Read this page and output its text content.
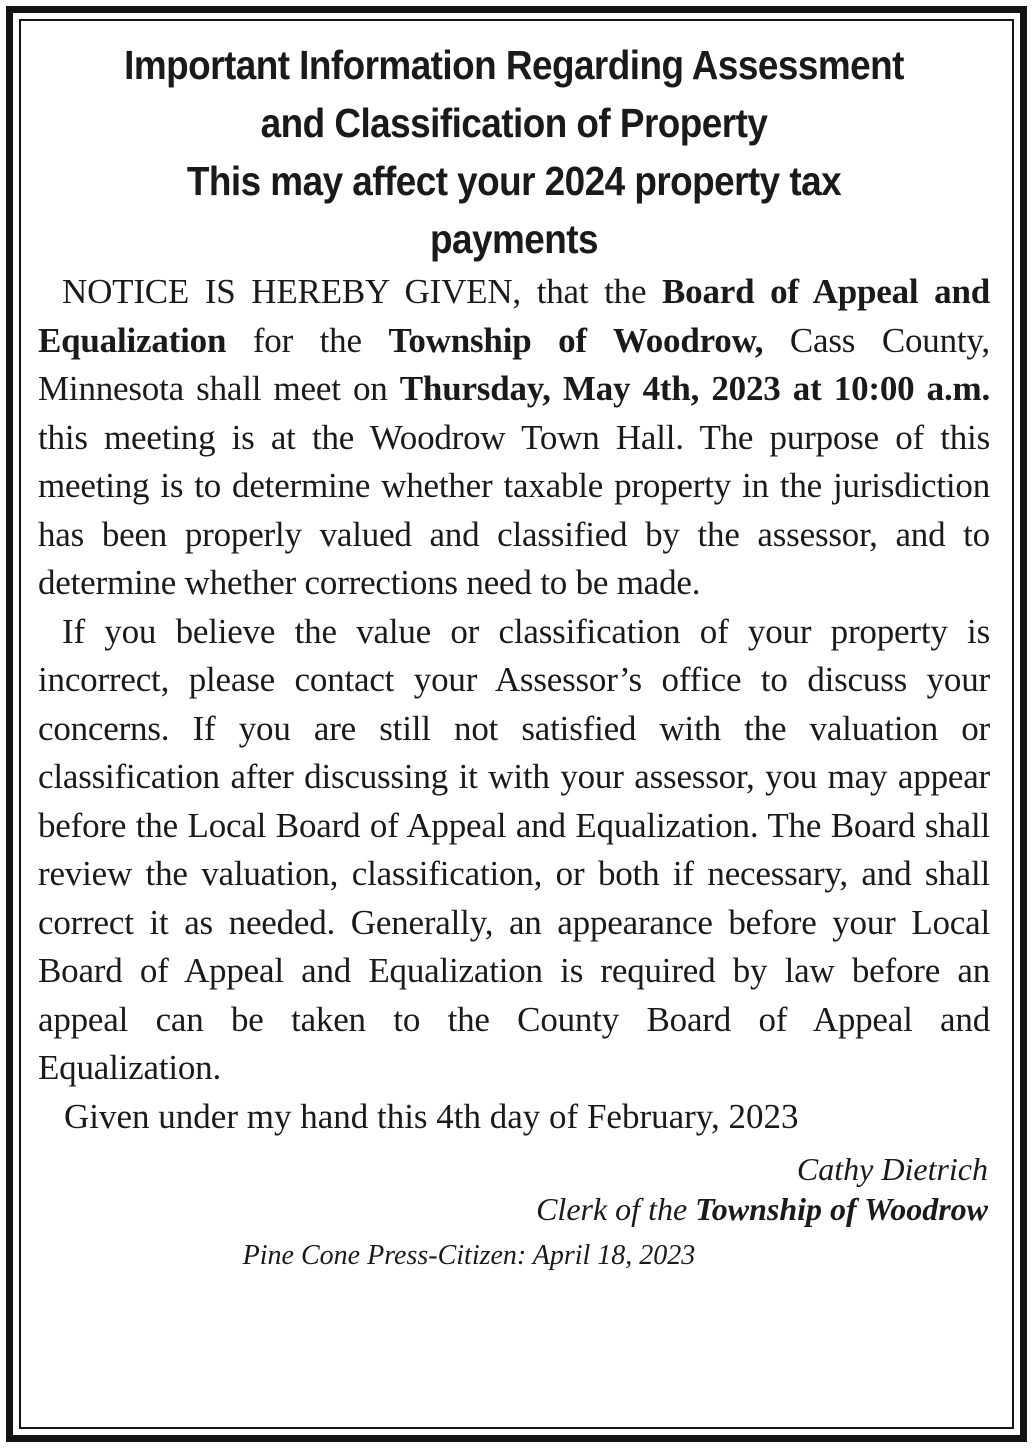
Important Information Regarding Assessment
and Classification of Property
This may affect your 2024 property tax
payments

NOTICE IS HEREBY GIVEN, that the Board of Appeal and Equalization for the Township of Woodrow, Cass County, Minnesota shall meet on Thursday, May 4th, 2023 at 10:00 a.m. this meeting is at the Woodrow Town Hall. The purpose of this meeting is to determine whether taxable property in the jurisdiction has been properly valued and classified by the assessor, and to determine whether corrections need to be made.

If you believe the value or classification of your property is incorrect, please contact your Assessor’s office to discuss your concerns. If you are still not satisfied with the valuation or classification after discussing it with your assessor, you may appear before the Local Board of Appeal and Equalization. The Board shall review the valuation, classification, or both if necessary, and shall correct it as needed. Generally, an appearance before your Local Board of Appeal and Equalization is required by law before an appeal can be taken to the County Board of Appeal and Equalization.

Given under my hand this 4th day of February, 2023

Cathy Dietrich
Clerk of the Township of Woodrow
Pine Cone Press-Citizen: April 18, 2023
